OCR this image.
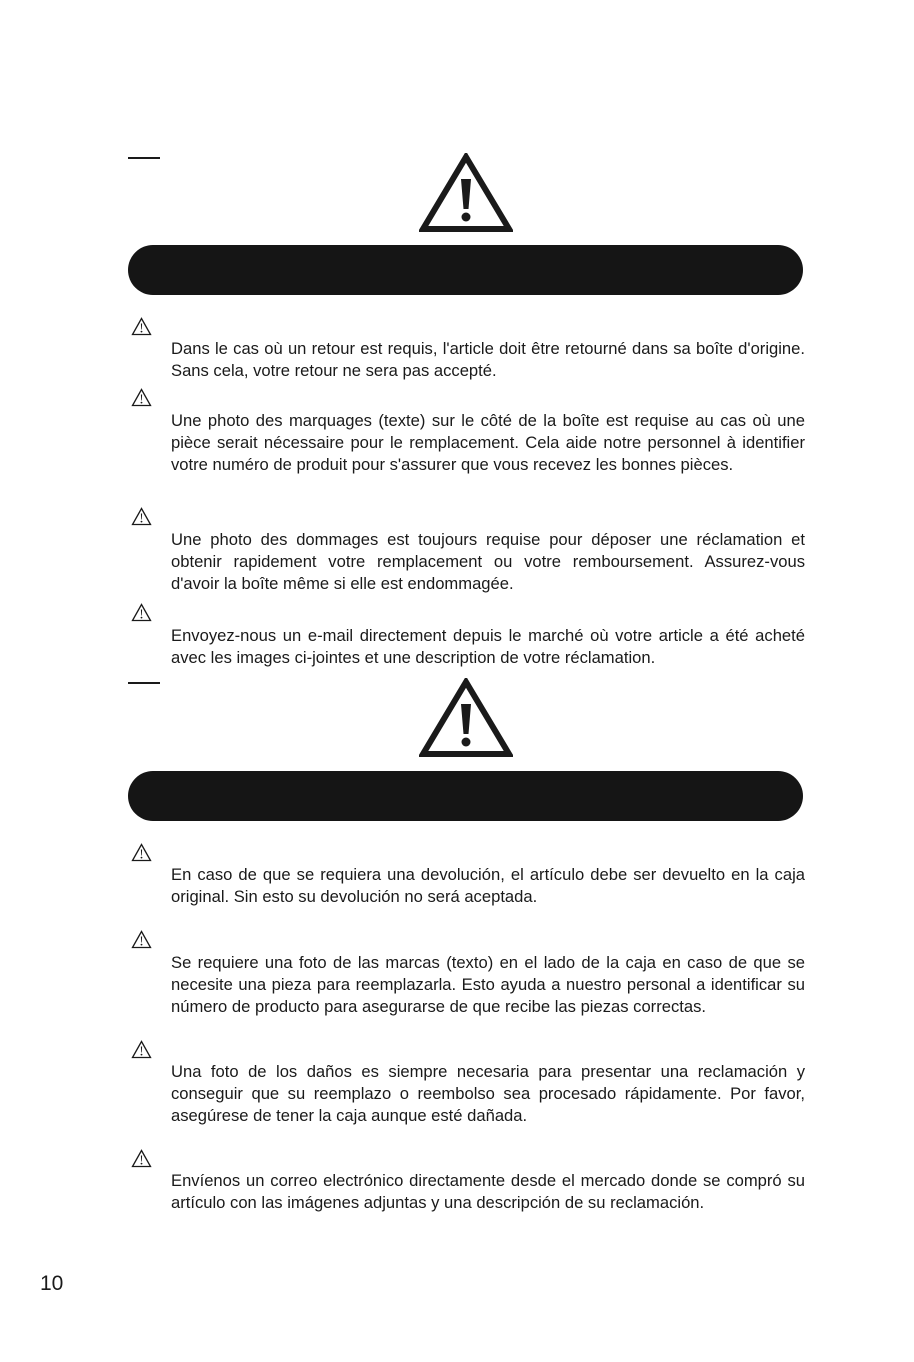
Dans le cas où un retour est requis, l'article doit être retourné dans sa boîte d'origine. Sans cela, votre retour ne sera pas accepté.

Une photo des marquages (texte) sur le côté de la boîte est requise au cas où une pièce serait nécessaire pour le remplacement. Cela aide notre personnel à identifier votre numéro de produit pour s'assurer que vous recevez les bonnes pièces.

Une photo des dommages est toujours requise pour déposer une réclamation et obtenir rapidement votre remplacement ou votre remboursement. Assurez-vous d'avoir la boîte même si elle est endommagée.

Envoyez-nous un e-mail directement depuis le marché où votre article a été acheté avec les images ci-jointes et une description de votre réclamation.

En caso de que se requiera una devolución, el artículo debe ser devuelto en la caja original. Sin esto su devolución no será aceptada.

Se requiere una foto de las marcas (texto) en el lado de la caja en caso de que se necesite una pieza para reemplazarla. Esto ayuda a nuestro personal a identificar su número de producto para asegurarse de que recibe las piezas correctas.

Una foto de los daños es siempre necesaria para presentar una reclamación y conseguir que su reemplazo o reembolso sea procesado rápidamente. Por favor, asegúrese de tener la caja aunque esté dañada.

Envíenos un correo electrónico directamente desde el mercado donde se compró su artículo con las imágenes adjuntas y una descripción de su reclamación.

10
